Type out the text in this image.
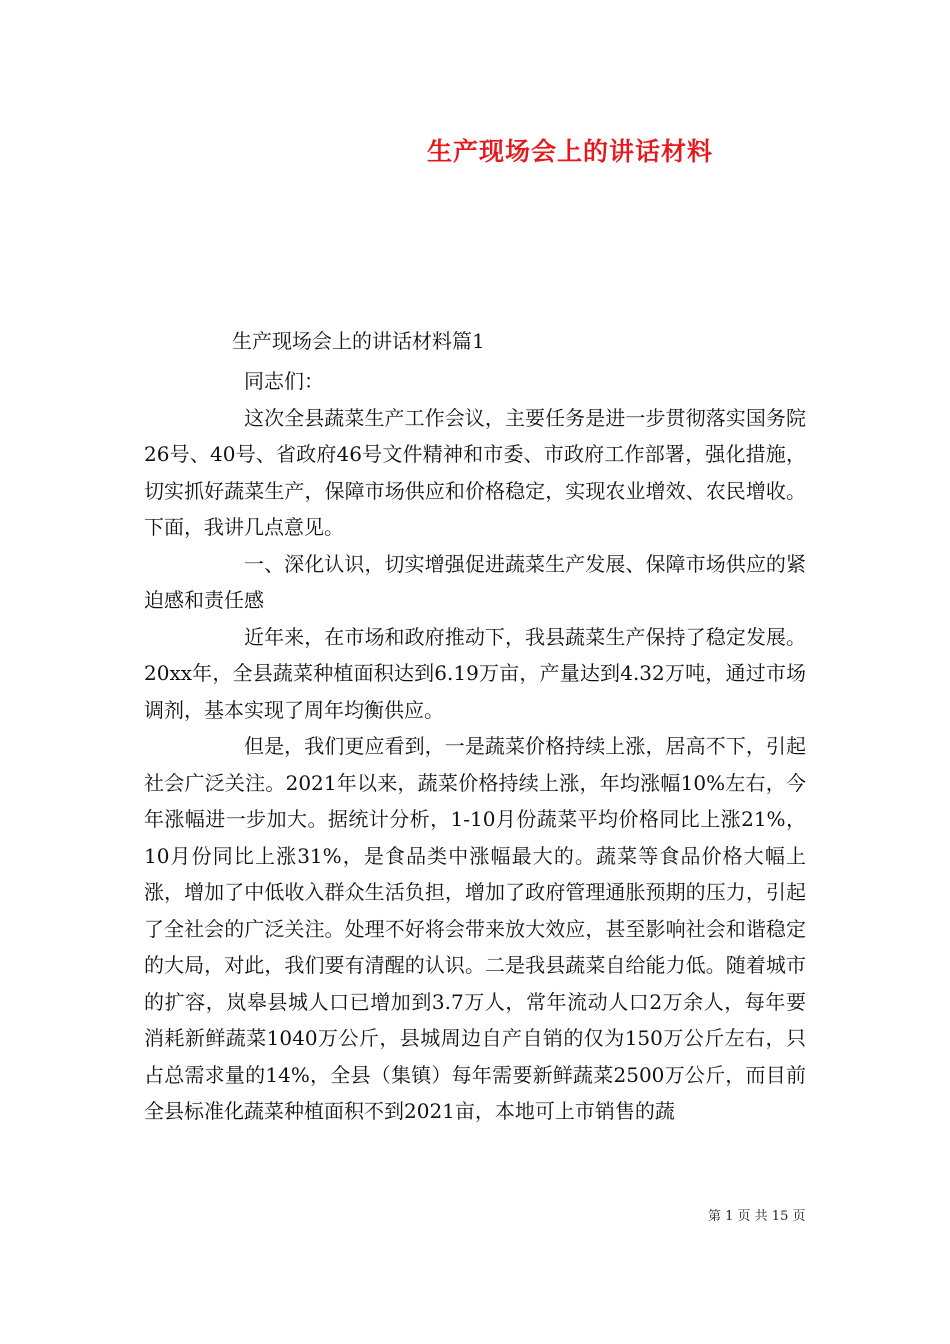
生产现场会上的讲话材料

生产现场会上的讲话材料篇1

同志们：

这次全县蔬菜生产工作会议，主要任务是进一步贯彻落实国务院26号、40号、省政府46号文件精神和市委、市政府工作部署，强化措施，切实抓好蔬菜生产，保障市场供应和价格稳定，实现农业增效、农民增收。下面，我讲几点意见。

一、深化认识，切实增强促进蔬菜生产发展、保障市场供应的紧迫感和责任感

近年来，在市场和政府推动下，我县蔬菜生产保持了稳定发展。20xx年，全县蔬菜种植面积达到6.19万亩，产量达到4.32万吨，通过市场调剂，基本实现了周年均衡供应。

但是，我们更应看到，一是蔬菜价格持续上涨，居高不下，引起社会广泛关注。2021年以来，蔬菜价格持续上涨，年均涨幅10%左右，今年涨幅进一步加大。据统计分析，1-10月份蔬菜平均价格同比上涨21%，10月份同比上涨31%，是食品类中涨幅最大的。蔬菜等食品价格大幅上涨，增加了中低收入群众生活负担，增加了政府管理通胀预期的压力，引起了全社会的广泛关注。处理不好将会带来放大效应，甚至影响社会和谐稳定的大局，对此，我们要有清醒的认识。二是我县蔬菜自给能力低。随着城市的扩容，岚皋县城人口已增加到3.7万人，常年流动人口2万余人，每年要消耗新鲜蔬菜1040万公斤，县城周边自产自销的仅为150万公斤左右，只占总需求量的14%，全县（集镇）每年需要新鲜蔬菜2500万公斤，而目前全县标准化蔬菜种植面积不到2021亩，本地可上市销售的蔬

第 1 页 共 15 页
